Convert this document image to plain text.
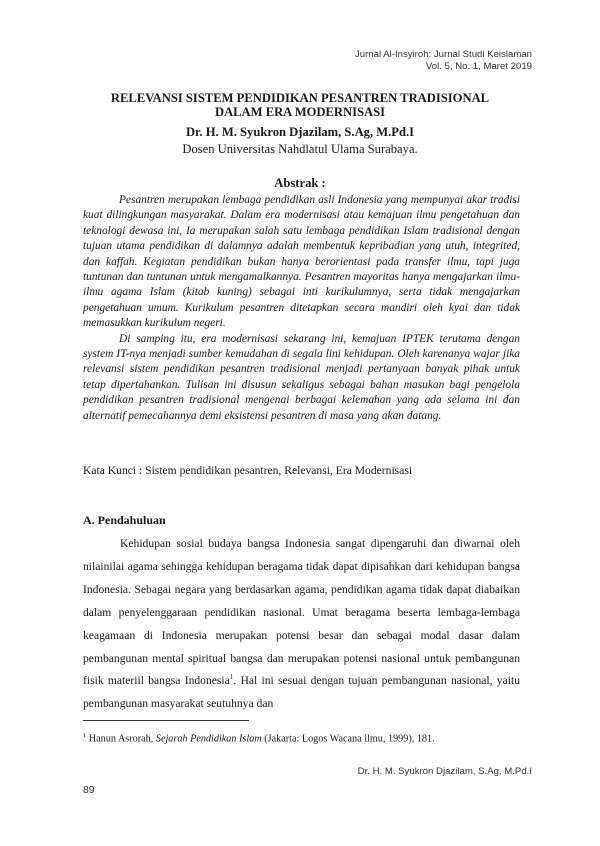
Jurnal Al-Insyiroh: Jurnal Studi Keislaman
Vol. 5, No. 1, Maret 2019
RELEVANSI SISTEM PENDIDIKAN PESANTREN TRADISIONAL
DALAM ERA MODERNISASI
Dr. H. M. Syukron Djazilam, S.Ag, M.Pd.I
Dosen Universitas Nahdlatul Ulama Surabaya.
Abstrak :

Pesantren merupakan lembaga pendidikan asli Indonesia yang mempunyai akar tradisi kuat dilingkungan masyarakat. Dalam era modernisasi atau kemajuan ilmu pengetahuan dan teknologi dewasa ini, Ia merupakan salah satu lembaga pendidikan Islam tradisional dengan tujuan utama pendidikan di dalamnya adalah membentuk kepribadian yang utuh, integrited, dan kaffah. Kegiatan pendidikan bukan hanya berorientasi pada transfer ilmu, tapi juga tuntunan dan tuntunan untuk mengamalkannya. Pesantren mayoritas hanya mengajarkan ilmu-ilmu agama Islam (kitab kuning) sebagai inti kurikulumnya, serta tidak mengajarkan pengetahuan umum. Kurikulum pesantren ditetapkan secara mandiri oleh kyai dan tidak memasukkan kurikulum negeri.

Di samping itu, era modernisasi sekarang ini, kemajuan IPTEK terutama dengan system IT-nya menjadi sumber kemudahan di segala lini kehidupan. Oleh karenanya wajar jika relevansi sistem pendidikan pesantren tradisional menjadi pertanyaan banyak pihak untuk tetap dipertahankan. Tulisan ini disusun sekaligus sebagai bahan masukan bagi pengelola pendidikan pesantren tradisional mengenai berbagai kelemahan yang ada selama ini dan alternatif pemecahannya demi eksistensi pesantren di masa yang akan datang.

Kata Kunci : Sistem pendidikan pesantren, Relevansi, Era Modernisasi
A. Pendahuluan

Kehidupan sosial budaya bangsa Indonesia sangat dipengaruhi dan diwarnai oleh nilainilai agama sehingga kehidupan beragama tidak dapat dipisahkan dari kehidupan bangsa Indonesia. Sebagai negara yang berdasarkan agama, pendidikan agama tidak dapat diabaikan dalam penyelenggaraan pendidikan nasional. Umat beragama beserta lembaga-lembaga keagamaan di Indonesia merupakan potensi besar dan sebagai modal dasar dalam pembangunan mental spiritual bangsa dan merupakan potensi nasional untuk pembangunan fisik materiil bangsa Indonesia$^1$. Hal ini sesuai dengan tujuan pembangunan nasional, yaitu pembangunan masyarakat seutuhnya dan

$^1$ Hanun Asrorah, Sejarah Pendidikan Islam (Jakarta: Logos Wacana ilmu, 1999), 181.
Dr. H. M. Syukron Djazilam, S.Ag, M.Pd.I
89
